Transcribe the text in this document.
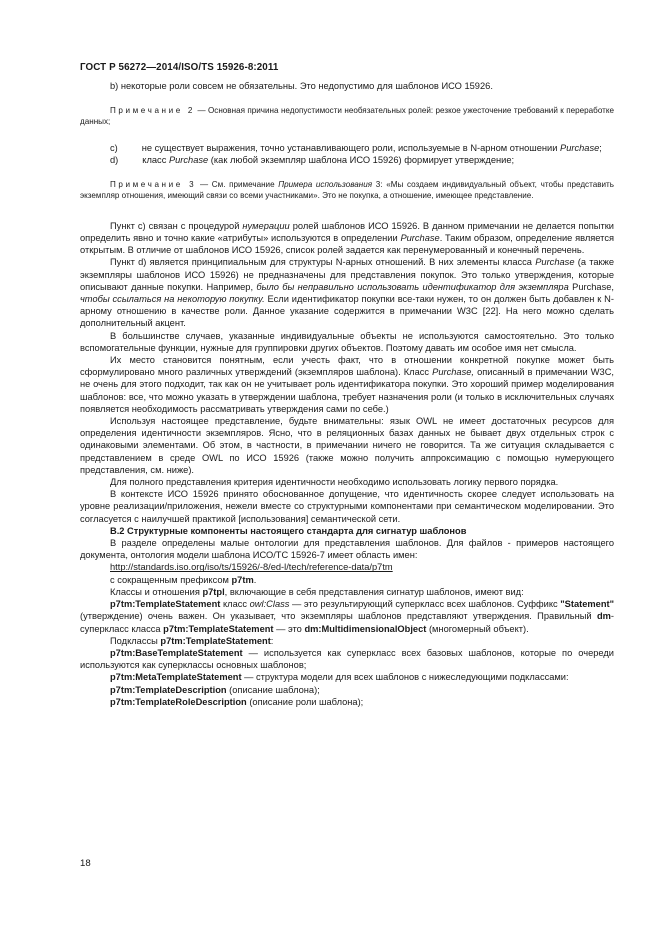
ГОСТ Р 56272—2014/ISO/TS 15926-8:2011

b) некоторые роли совсем не обязательны. Это недопустимо для шаблонов ИСО 15926.

Примечание 2 — Основная причина недопустимости необязательных ролей: резкое ужесточение требований к переработке данных;

c)	не существует выражения, точно устанавливающего роли, используемые в N-арном отношении Purchase;

d)	класс Purchase (как любой экземпляр шаблона ИСО 15926) формирует утверждение;

Примечание 3 — См. примечание Примера использования 3: «Мы создаем индивидуальный объект, чтобы представить экземпляр отношения, имеющий связи со всеми участниками». Это не покупка, а отношение, имеющее представление.

Пункт с) связан с процедурой нумерации ролей шаблонов ИСО 15926. В данном примечании не делается попытки определить явно и точно какие «атрибуты» используются в определении Purchase. Таким образом, определение является открытым. В отличие от шаблонов ИСО 15926, список ролей задается как перенумерованный и конечный перечень.

Пункт d) является принципиальным для структуры N-арных отношений. В них элементы класса Purchase (а также экземпляры шаблонов ИСО 15926) не предназначены для представления покупок. Это только утверждения, которые описывают данные покупки. Например, было бы неправильно использовать идентификатор для экземпляра Purchase, чтобы ссылаться на некоторую покупку. Если идентификатор покупки все-таки нужен, то он должен быть добавлен к N-арному отношению в качестве роли. Данное указание содержится в примечании W3C [22]. На него можно сделать дополнительный акцент.

В большинстве случаев, указанные индивидуальные объекты не используются самостоятельно. Это только вспомогательные функции, нужные для группировки других объектов. Поэтому давать им особое имя нет смысла.

Их место становится понятным, если учесть факт, что в отношении конкретной покупке может быть сформулировано много различных утверждений (экземпляров шаблона). Класс Purchase, описанный в примечании W3C, не очень для этого подходит, так как он не учитывает роль идентификатора покупки. Это хороший пример моделирования шаблонов: все, что можно указать в утверждении шаблона, требует назначения роли (и только в исключительных случаях появляется необходимость рассматривать утверждения сами по себе.)

Используя настоящее представление, будьте внимательны: язык OWL не имеет достаточных ресурсов для определения идентичности экземпляров. Ясно, что в реляционных базах данных не бывает двух отдельных строк с одинаковыми элементами. Об этом, в частности, в примечании ничего не говорится. Та же ситуация складывается с представлением в среде OWL по ИСО 15926 (также можно получить аппроксимацию с помощью нумерующего представления, см. ниже).

Для полного представления критерия идентичности необходимо использовать логику первого порядка.

В контексте ИСО 15926 принято обоснованное допущение, что идентичность скорее следует использовать на уровне реализации/приложения, нежели вместе со структурными компонентами при семантическом моделировании. Это согласуется с наилучшей практикой [использования] семантической сети.

B.2 Структурные компоненты настоящего стандарта для сигнатур шаблонов

В разделе определены малые онтологии для представления шаблонов. Для файлов - примеров настоящего документа, онтология модели шаблона ИСО/ТС 15926-7 имеет область имен:

http://standards.iso.org/iso/ts/15926/-8/ed-l/tech/reference-data/p7tm

с сокращенным префиксом p7tm.

Классы и отношения p7tpl, включающие в себя представления сигнатур шаблонов, имеют вид:

p7tm:TemplateStatement класс owl:Class — это результирующий суперкласс всех шаблонов. Суффикс "Statement" (утверждение) очень важен. Он указывает, что экземпляры шаблонов представляют утверждения. Правильный dm-суперкласс класса p7tm:TemplateStatement — это dm:MultidimensionalObject (многомерный объект).

Подклассы p7tm:TemplateStatement:

p7tm:BaseTemplateStatement — используется как суперкласс всех базовых шаблонов, которые по очереди используются как суперклассы основных шаблонов;

p7tm:MetaTemplateStatement — структура модели для всех шаблонов с нижеследующими подклассами:

p7tm:TemplateDescription (описание шаблона);

p7tm:TemplateRoleDescription (описание роли шаблона);

18
